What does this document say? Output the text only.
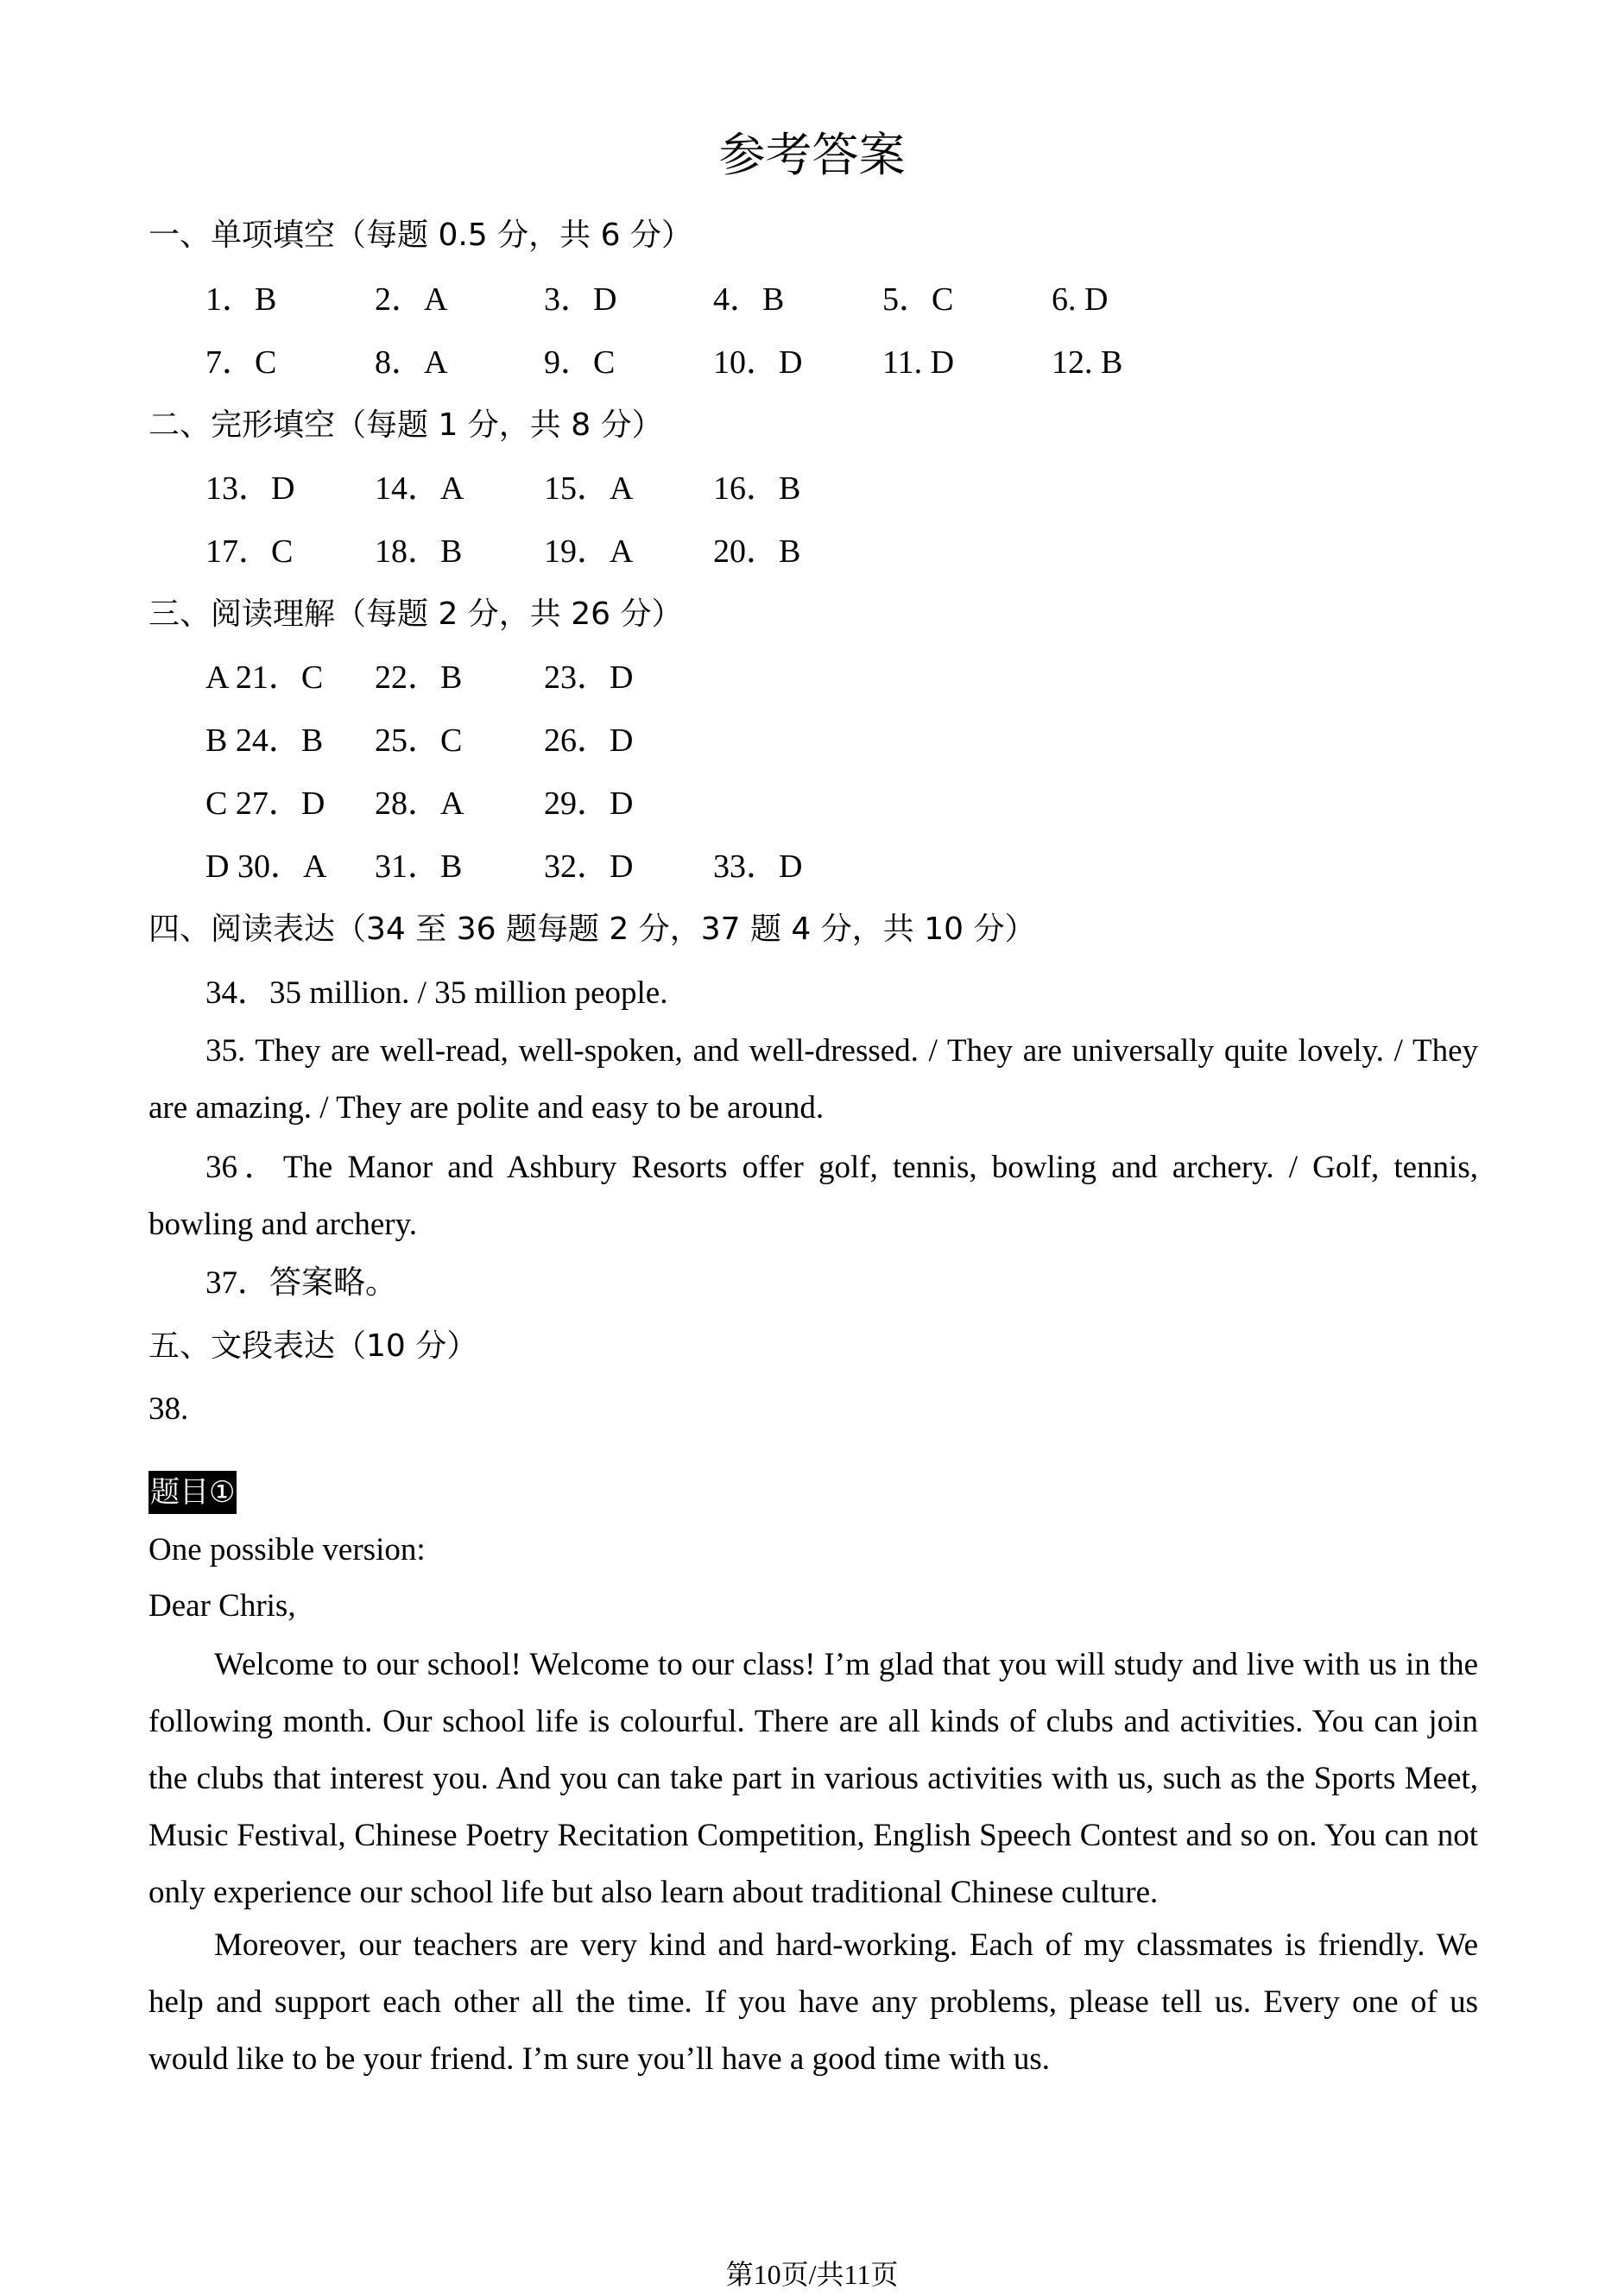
参考答案
一、单项填空（每题 0.5 分，共 6 分）
1．B	2．A	3．D	4．B	5．C	6. D
7．C	8．A	9．C	10．D 11. D	12. B
二、完形填空（每题 1 分，共 8 分）
13．D 14．A 15．A 16．B
17．C 18．B 19．A 20．B
三、阅读理解（每题 2 分，共 26 分）
A 21．C 22．B 23．D
B 24．B 25．C 26．D
C 27．D 28．A 29．D
D 30．A 31．B 32．D 33．D
四、阅读表达（34 至 36 题每题 2 分，37 题 4 分，共 10 分）
34．35 million. / 35 million people.
35. They are well-read, well-spoken, and well-dressed. / They are universally quite lovely. / They are amazing. / They are polite and easy to be around.
36．The Manor and Ashbury Resorts offer golf, tennis, bowling and archery. / Golf, tennis, bowling and archery.
37．答案略。
五、文段表达（10 分）
38.
题目①
One possible version:
Dear Chris,
Welcome to our school! Welcome to our class! I’m glad that you will study and live with us in the following month. Our school life is colourful. There are all kinds of clubs and activities. You can join the clubs that interest you. And you can take part in various activities with us, such as the Sports Meet, Music Festival, Chinese Poetry Recitation Competition, English Speech Contest and so on. You can not only experience our school life but also learn about traditional Chinese culture.
Moreover, our teachers are very kind and hard-working. Each of my classmates is friendly. We help and support each other all the time. If you have any problems, please tell us. Every one of us would like to be your friend. I’m sure you’ll have a good time with us.
第10页/共11页
